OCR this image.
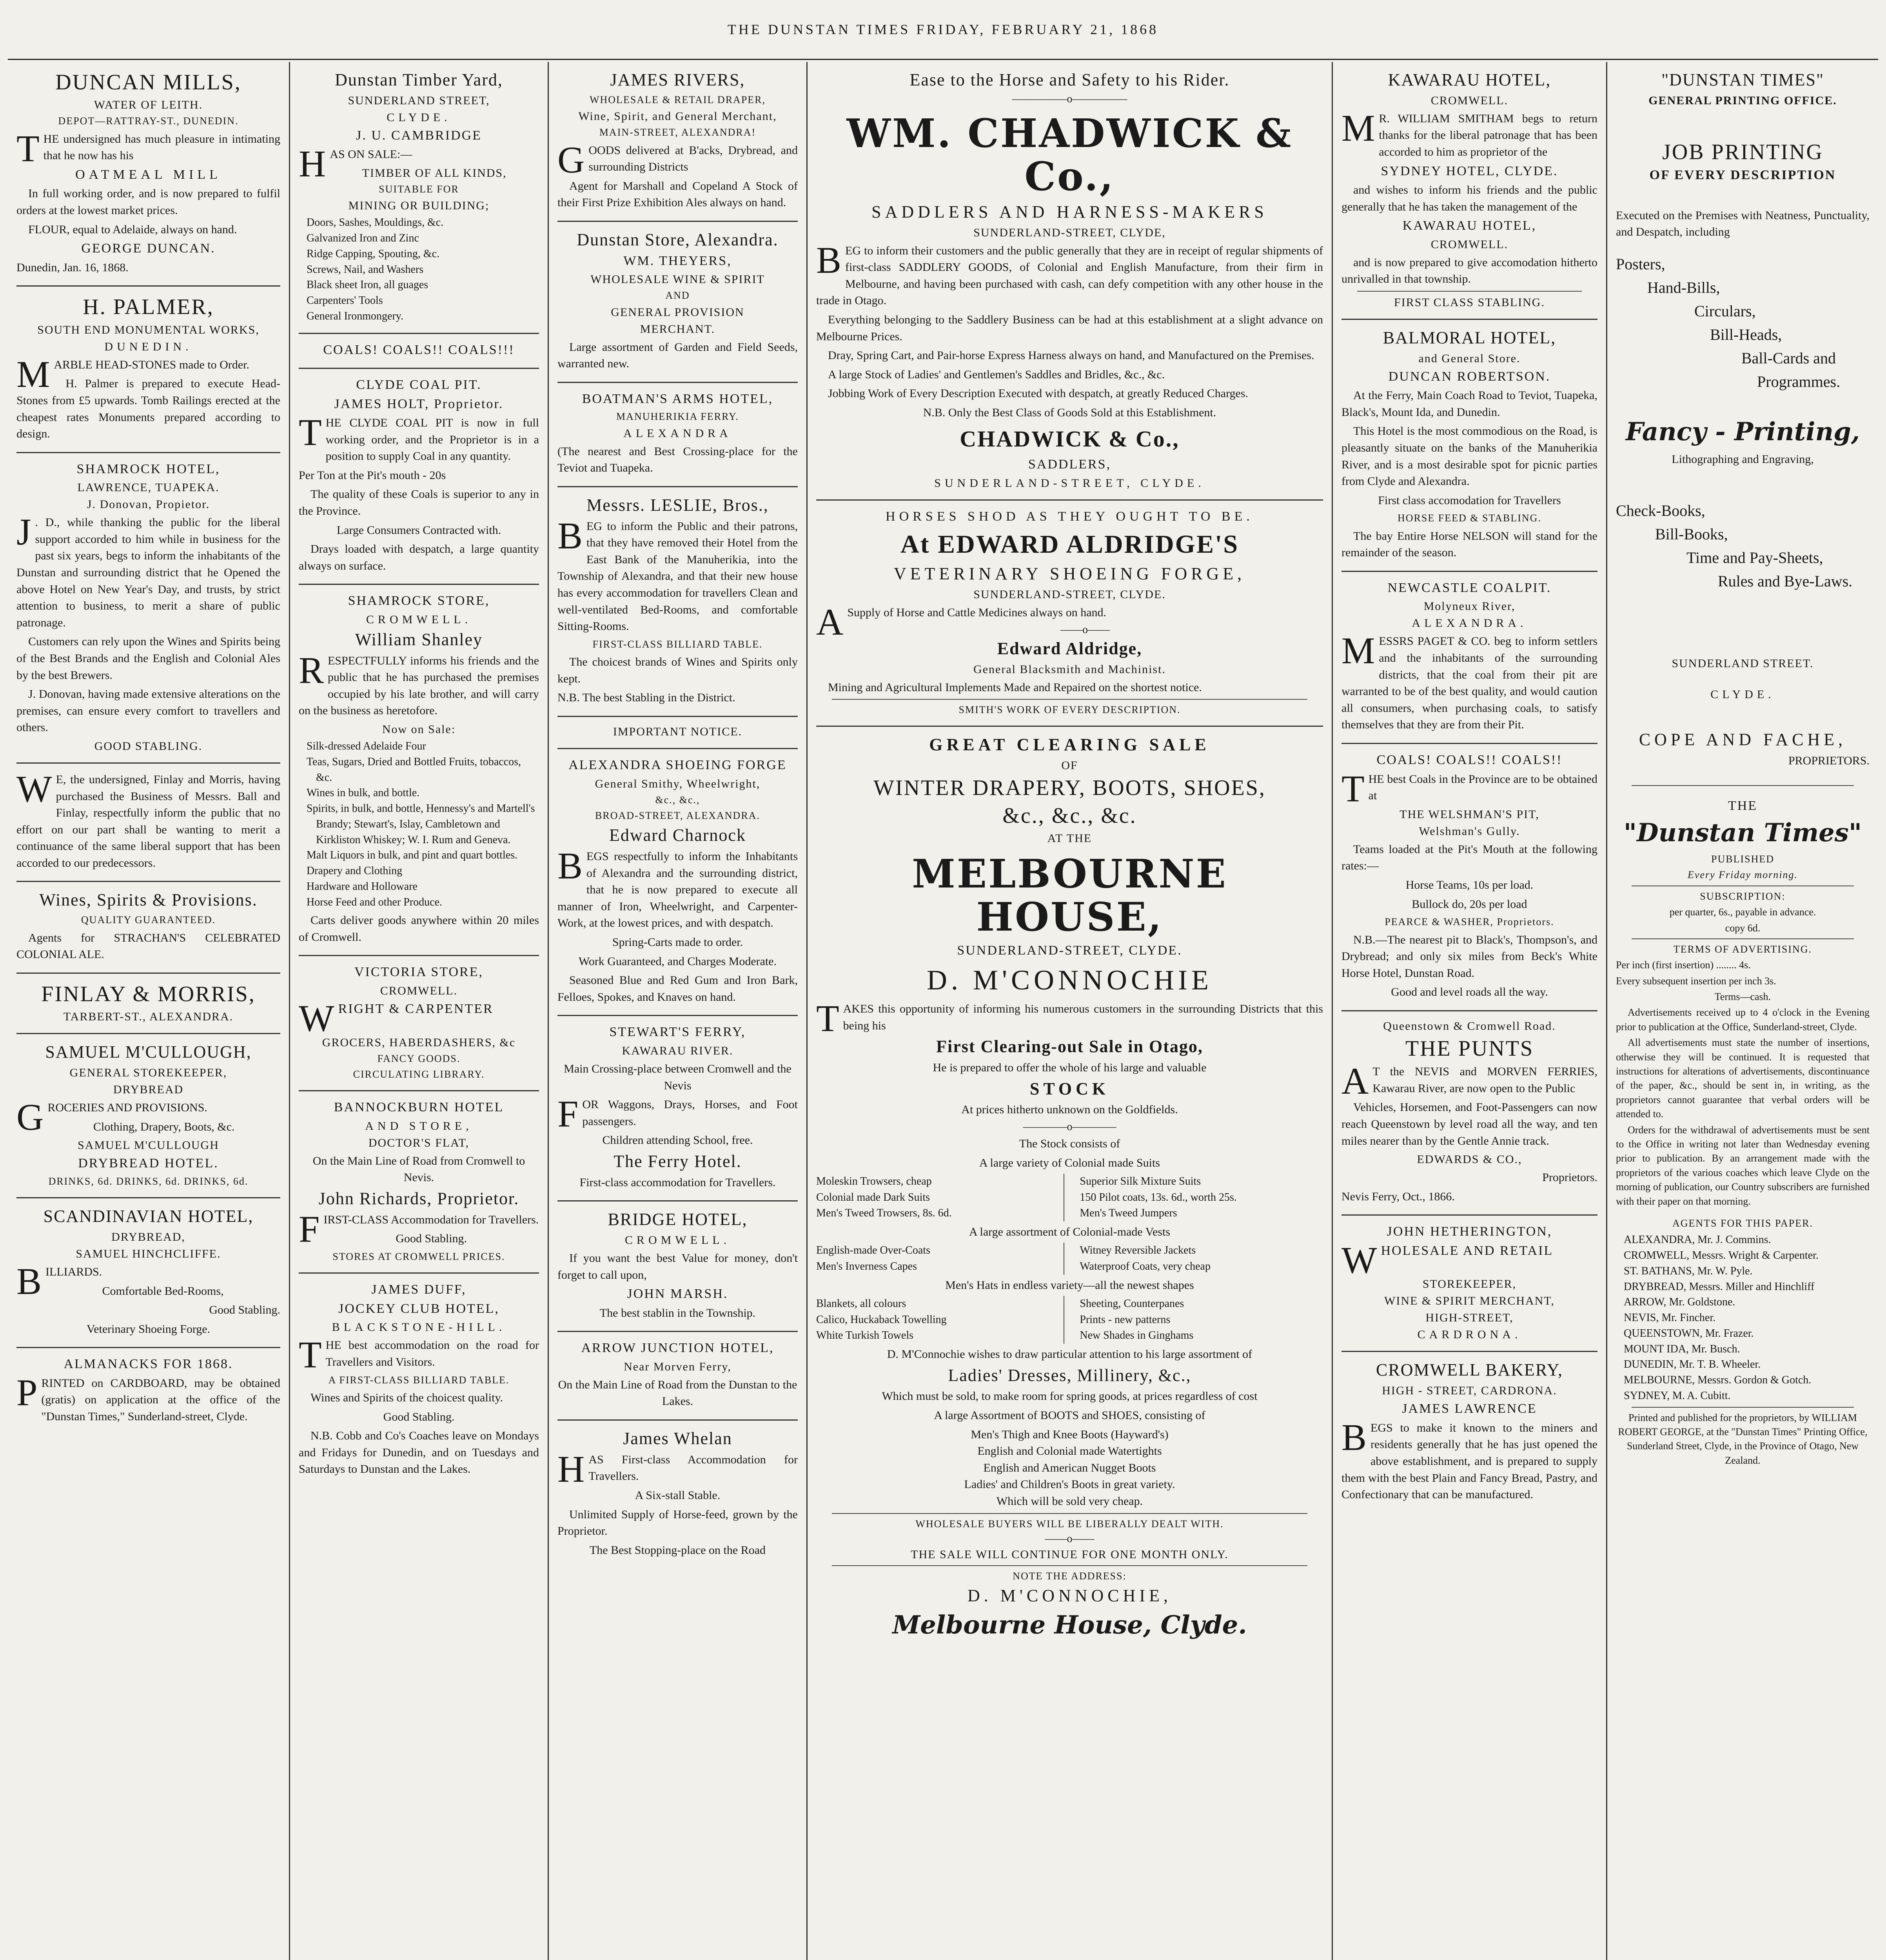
THE DUNSTAN TIMES FRIDAY, FEBRUARY 21, 1868
DUNCAN MILLS,
WATER OF LEITH.
DEPOT—RATTRAY-ST., DUNEDIN.

THE undersigned has much pleasure in intimating that he now has his

OATMEAL MILL

In full working order, and is now prepared to fulfil orders at the lowest market prices.

FLOUR, equal to Adelaide, always on hand.

GEORGE DUNCAN.

Dunedin, Jan. 16, 1868.

H. PALMER,
SOUTH END MONUMENTAL WORKS,
DUNEDIN.

MARBLE HEAD-STONES made to Order.

H. Palmer is prepared to execute Head-Stones from £5 upwards. Tomb Railings erected at the cheapest rates Monuments prepared according to design.

SHAMROCK HOTEL,
LAWRENCE, TUAPEKA.
J. Donovan, Propietor.

J . D., while thanking the public for the liberal support accorded to him while in business for the past six years, begs to inform the inhabitants of the Dunstan and surrounding district that he Opened the above Hotel on New Year's Day, and trusts, by strict attention to business, to merit a share of public patronage.

Customers can rely upon the Wines and Spirits being of the Best Brands and the English and Colonial Ales by the best Brewers.

J. Donovan, having made extensive alterations on the premises, can ensure every comfort to travellers and others.

GOOD STABLING.

W E, the undersigned, Finlay and Morris, having purchased the Business of Messrs. Ball and Finlay, respectfully inform the public that no effort on our part shall be wanting to merit a continuance of the same liberal support that has been accorded to our predecessors.

Wines, Spirits & Provisions.
QUALITY GUARANTEED.

Agents for STRACHAN'S CELEBRATED COLONIAL ALE.

FINLAY & MORRIS,
TARBERT-ST., ALEXANDRA.
SAMUEL M'CULLOUGH,
GENERAL STOREKEEPER,
DRYBREAD

GROCERIES AND PROVISIONS.

Clothing, Drapery, Boots, &c.

SAMUEL M'CULLOUGH
DRYBREAD HOTEL.
DRINKS, 6d. DRINKS, 6d. DRINKS, 6d.
SCANDINAVIAN HOTEL,
DRYBREAD,
SAMUEL HINCHCLIFFE.

BILLIARDS.

Comfortable Bed-Rooms,

Good Stabling.

Veterinary Shoeing Forge.

ALMANACKS FOR 1868.

PRINTED on CARDBOARD, may be obtained (gratis) on application at the office of the "Dunstan Times," Sunderland-street, Clyde.

Dunstan Timber Yard,
SUNDERLAND STREET,
CLYDE.
J. U. CAMBRIDGE

HAS ON SALE:—

TIMBER OF ALL KINDS,
SUITABLE FOR
MINING OR BUILDING;
Doors, Sashes, Mouldings, &c.
Galvanized Iron and Zinc
Ridge Capping, Spouting, &c.
Screws, Nail, and Washers
Black sheet Iron, all guages
Carpenters' Tools
General Ironmongery.
COALS! COALS!! COALS!!!
CLYDE COAL PIT.
JAMES HOLT, Proprietor.

THE CLYDE COAL PIT is now in full working order, and the Proprietor is in a position to supply Coal in any quantity.

Per Ton at the Pit's mouth - 20s

The quality of these Coals is superior to any in the Province.

Large Consumers Contracted with.

Drays loaded with despatch, a large quantity always on surface.

SHAMROCK STORE,
CROMWELL.
William Shanley

RESPECTFULLY informs his friends and the public that he has purchased the premises occupied by his late brother, and will carry on the business as heretofore.

Now on Sale:
Silk-dressed Adelaide Four
Teas, Sugars, Dried and Bottled Fruits, tobaccos, &c.
Wines in bulk, and bottle.
Spirits, in bulk, and bottle, Hennessy's and Martell's Brandy; Stewart's, Islay, Cambletown and Kirkliston Whiskey; W. I. Rum and Geneva.
Malt Liquors in bulk, and pint and quart bottles.
Drapery and Clothing
Hardware and Holloware
Horse Feed and other Produce.

Carts deliver goods anywhere within 20 miles of Cromwell.

VICTORIA STORE,
CROMWELL.

WRIGHT & CARPENTER

GROCERS, HABERDASHERS, &c
FANCY GOODS.
CIRCULATING LIBRARY.
BANNOCKBURN HOTEL
AND STORE,
DOCTOR'S FLAT,

On the Main Line of Road from Cromwell to Nevis.

John Richards, Proprietor.

FIRST-CLASS Accommodation for Travellers.

Good Stabling.

STORES AT CROMWELL PRICES.
JAMES DUFF,
JOCKEY CLUB HOTEL,
BLACKSTONE-HILL.

THE best accommodation on the road for Travellers and Visitors.

A FIRST-CLASS BILLIARD TABLE.

Wines and Spirits of the choicest quality.

Good Stabling.

N.B. Cobb and Co's Coaches leave on Mondays and Fridays for Dunedin, and on Tuesdays and Saturdays to Dunstan and the Lakes.

JAMES RIVERS,
WHOLESALE & RETAIL DRAPER,
Wine, Spirit, and General Merchant,
MAIN-STREET, ALEXANDRA!

GOODS delivered at B'acks, Drybread, and surrounding Districts

Agent for Marshall and Copeland A Stock of their First Prize Exhibition Ales always on hand.

Dunstan Store, Alexandra.
WM. THEYERS,
WHOLESALE WINE & SPIRIT
AND
GENERAL PROVISION
MERCHANT.

Large assortment of Garden and Field Seeds, warranted new.

BOATMAN'S ARMS HOTEL,
MANUHERIKIA FERRY.
ALEXANDRA

(The nearest and Best Crossing-place for the Teviot and Tuapeka.

Messrs. LESLIE, Bros.,

BEG to inform the Public and their patrons, that they have removed their Hotel from the East Bank of the Manuherikia, into the Township of Alexandra, and that their new house has every accommodation for travellers Clean and well-ventilated Bed-Rooms, and comfortable Sitting-Rooms.

FIRST-CLASS BILLIARD TABLE.

The choicest brands of Wines and Spirits only kept.

N.B. The best Stabling in the District.

IMPORTANT NOTICE.
ALEXANDRA SHOEING FORGE
General Smithy, Wheelwright,
&c., &c.,
BROAD-STREET, ALEXANDRA.
Edward Charnock

BEGS respectfully to inform the Inhabitants of Alexandra and the surrounding district, that he is now prepared to execute all manner of Iron, Wheelwright, and Carpenter-Work, at the lowest prices, and with despatch.

Spring-Carts made to order.

Work Guaranteed, and Charges Moderate.

Seasoned Blue and Red Gum and Iron Bark, Felloes, Spokes, and Knaves on hand.

STEWART'S FERRY,
KAWARAU RIVER.

Main Crossing-place between Cromwell and the Nevis

FOR Waggons, Drays, Horses, and Foot passengers.

Children attending School, free.

The Ferry Hotel.

First-class accommodation for Travellers.

BRIDGE HOTEL,
CROMWELL.

If you want the best Value for money, don't forget to call upon,

JOHN MARSH.

The best stablin in the Township.

ARROW JUNCTION HOTEL,
Near Morven Ferry,

On the Main Line of Road from the Dunstan to the Lakes.

James Whelan

HAS First-class Accommodation for Travellers.

A Six-stall Stable.

Unlimited Supply of Horse-feed, grown by the Proprietor.

The Best Stopping-place on the Road

Ease to the Horse and Safety to his Rider.
—————o—————
WM. CHADWICK & Co.,
SADDLERS AND HARNESS-MAKERS
SUNDERLAND-STREET, CLYDE,

BEG to inform their customers and the public generally that they are in receipt of regular shipments of first-class SADDLERY GOODS, of Colonial and English Manufacture, from their firm in Melbourne, and having been purchased with cash, can defy competition with any other house in the trade in Otago.

Everything belonging to the Saddlery Business can be had at this establishment at a slight advance on Melbourne Prices.

Dray, Spring Cart, and Pair-horse Express Harness always on hand, and Manufactured on the Premises.

A large Stock of Ladies' and Gentlemen's Saddles and Bridles, &c., &c.

Jobbing Work of Every Description Executed with despatch, at greatly Reduced Charges.

N.B. Only the Best Class of Goods Sold at this Establishment.

CHADWICK & Co.,
SADDLERS,
SUNDERLAND-STREET, CLYDE.
HORSES SHOD AS THEY OUGHT TO BE.
At EDWARD ALDRIDGE'S
VETERINARY SHOEING FORGE,
SUNDERLAND-STREET, CLYDE.

A Supply of Horse and Cattle Medicines always on hand.

——o——
Edward Aldridge,
General Blacksmith and Machinist.

Mining and Agricultural Implements Made and Repaired on the shortest notice.

SMITH'S WORK OF EVERY DESCRIPTION.
GREAT CLEARING SALE
OF
WINTER DRAPERY, BOOTS, SHOES,
&c., &c., &c.
AT THE
MELBOURNE HOUSE,
SUNDERLAND-STREET, CLYDE.
D. M'CONNOCHIE

TAKES this opportunity of informing his numerous customers in the surrounding Districts that this being his

First Clearing-out Sale in Otago,

He is prepared to offer the whole of his large and valuable

STOCK

At prices hitherto unknown on the Goldfields.

————o————

The Stock consists of

A large variety of Colonial made Suits

Moleskin Trowsers, cheap
Colonial made Dark Suits
Men's Tweed Trowsers, 8s. 6d.
Superior Silk Mixture Suits
150 Pilot coats, 13s. 6d., worth 25s.
Men's Tweed Jumpers

A large assortment of Colonial-made Vests

English-made Over-Coats
Men's Inverness Capes
Witney Reversible Jackets
Waterproof Coats, very cheap

Men's Hats in endless variety—all the newest shapes

Blankets, all colours
Calico, Huckaback Towelling
White Turkish Towels
Sheeting, Counterpanes
Prints - new patterns
New Shades in Ginghams

D. M'Connochie wishes to draw particular attention to his large assortment of

Ladies' Dresses, Millinery, &c.,

Which must be sold, to make room for spring goods, at prices regardless of cost

A large Assortment of BOOTS and SHOES, consisting of

Men's Thigh and Knee Boots (Hayward's)
English and Colonial made Watertights
English and American Nugget Boots
Ladies' and Children's Boots in great variety.
Which will be sold very cheap.
WHOLESALE BUYERS WILL BE LIBERALLY DEALT WITH.
——o——
THE SALE WILL CONTINUE FOR ONE MONTH ONLY.
NOTE THE ADDRESS:
D. M'CONNOCHIE,
Melbourne House, Clyde.
KAWARAU HOTEL,
CROMWELL.

M R. WILLIAM SMITHAM begs to return thanks for the liberal patronage that has been accorded to him as proprietor of the

SYDNEY HOTEL, CLYDE.

and wishes to inform his friends and the public generally that he has taken the management of the

KAWARAU HOTEL,
CROMWELL.

and is now prepared to give accomodation hitherto unrivalled in that township.

FIRST CLASS STABLING.
BALMORAL HOTEL,
and General Store.
DUNCAN ROBERTSON.

At the Ferry, Main Coach Road to Teviot, Tuapeka, Black's, Mount Ida, and Dunedin.

This Hotel is the most commodious on the Road, is pleasantly situate on the banks of the Manuherikia River, and is a most desirable spot for picnic parties from Clyde and Alexandra.

First class accomodation for Travellers

HORSE FEED & STABLING.

The bay Entire Horse NELSON will stand for the remainder of the season.

NEWCASTLE COALPIT.
Molyneux River,
ALEXANDRA.

MESSRS PAGET & CO. beg to inform settlers and the inhabitants of the surrounding districts, that the coal from their pit are warranted to be of the best quality, and would caution all consumers, when purchasing coals, to satisfy themselves that they are from their Pit.

COALS! COALS!! COALS!!

THE best Coals in the Province are to be obtained at

THE WELSHMAN'S PIT,
Welshman's Gully.

Teams loaded at the Pit's Mouth at the following rates:—

Horse Teams, 10s per load.

Bullock do, 20s per load

PEARCE & WASHER, Proprietors.

N.B.—The nearest pit to Black's, Thompson's, and Drybread; and only six miles from Beck's White Horse Hotel, Dunstan Road.

Good and level roads all the way.

Queenstown & Cromwell Road.
THE PUNTS

A T the NEVIS and MORVEN FERRIES, Kawarau River, are now open to the Public

Vehicles, Horsemen, and Foot-Passengers can now reach Queenstown by level road all the way, and ten miles nearer than by the Gentle Annie track.

EDWARDS & CO.,

Proprietors.

Nevis Ferry, Oct., 1866.

JOHN HETHERINGTON,

WHOLESALE AND RETAIL

STOREKEEPER,
WINE & SPIRIT MERCHANT,
HIGH-STREET,
CARDRONA.
CROMWELL BAKERY,
HIGH - STREET, CARDRONA.
JAMES LAWRENCE

BEGS to make it known to the miners and residents generally that he has just opened the above establishment, and is prepared to supply them with the best Plain and Fancy Bread, Pastry, and Confectionary that can be manufactured.

"DUNSTAN TIMES"
GENERAL PRINTING OFFICE.
JOB PRINTING
OF EVERY DESCRIPTION

Executed on the Premises with Neatness, Punctuality, and Despatch, including

Posters,
Hand-Bills,
Circulars,
Bill-Heads,
Ball-Cards and
Programmes.
Fancy - Printing,

Lithographing and Engraving,

Check-Books,
Bill-Books,
Time and Pay-Sheets,
Rules and Bye-Laws.
SUNDERLAND STREET.
CLYDE.
COPE AND FACHE,

PROPRIETORS.

THE
"Dunstan Times"
PUBLISHED
Every Friday morning.
SUBSCRIPTION:

per quarter, 6s., payable in advance.

copy 6d.

TERMS OF ADVERTISING.

Per inch (first insertion) ........ 4s.

Every subsequent insertion per inch 3s.

Terms—cash.

Advertisements received up to 4 o'clock in the Evening prior to publication at the Office, Sunderland-street, Clyde.

All advertisements must state the number of insertions, otherwise they will be continued. It is requested that instructions for alterations of advertisements, discontinuance of the paper, &c., should be sent in, in writing, as the proprietors cannot guarantee that verbal orders will be attended to.

Orders for the withdrawal of advertisements must be sent to the Office in writing not later than Wednesday evening prior to publication. By an arrangement made with the proprietors of the various coaches which leave Clyde on the morning of publication, our Country subscribers are furnished with their paper on that morning.

AGENTS FOR THIS PAPER.
ALEXANDRA, Mr. J. Commins.
CROMWELL, Messrs. Wright & Carpenter.
ST. BATHANS, Mr. W. Pyle.
DRYBREAD, Messrs. Miller and Hinchliff
ARROW, Mr. Goldstone.
NEVIS, Mr. Fincher.
QUEENSTOWN, Mr. Frazer.
MOUNT IDA, Mr. Busch.
DUNEDIN, Mr. T. B. Wheeler.
MELBOURNE, Messrs. Gordon & Gotch.
SYDNEY, M. A. Cubitt.

Printed and published for the proprietors, by WILLIAM ROBERT GEORGE, at the "Dunstan Times" Printing Office, Sunderland Street, Clyde, in the Province of Otago, New Zealand.
